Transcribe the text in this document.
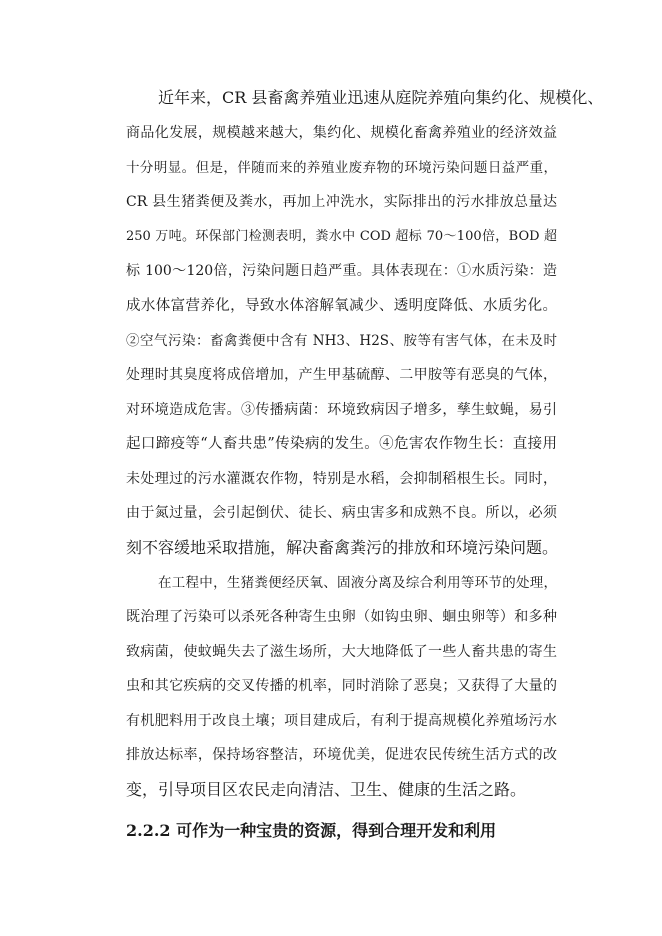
近年来，CR 县畜禽养殖业迅速从庭院养殖向集约化、规模化、
商品化发展，规模越来越大，集约化、规模化畜禽养殖业的经济效益
十分明显。但是，伴随而来的养殖业废弃物的环境污染问题日益严重，
CR 县生猪粪便及粪水，再加上冲洗水，实际排出的污水排放总量达
250 万吨。环保部门检测表明，粪水中 COD 超标 70～100倍，BOD 超
标 100～120倍，污染问题日趋严重。具体表现在：①水质污染：造
成水体富营养化，导致水体溶解氧减少、透明度降低、水质劣化。
②空气污染：畜禽粪便中含有 NH3、H2S、胺等有害气体，在未及时
处理时其臭度将成倍增加，产生甲基硫醇、二甲胺等有恶臭的气体，
对环境造成危害。③传播病菌：环境致病因子增多，孳生蚊蝇，易引
起口蹄疫等“人畜共患”传染病的发生。④危害农作物生长：直接用
未处理过的污水灌溉农作物，特别是水稻，会抑制稻根生长。同时，
由于氮过量，会引起倒伏、徒长、病虫害多和成熟不良。所以，必须
刻不容缓地采取措施，解决畜禽粪污的排放和环境污染问题。
在工程中，生猪粪便经厌氧、固液分离及综合利用等环节的处理，
既治理了污染可以杀死各种寄生虫卵（如钩虫卵、蛔虫卵等）和多种
致病菌，使蚊蝇失去了滋生场所，大大地降低了一些人畜共患的寄生
虫和其它疾病的交叉传播的机率，同时消除了恶臭；又获得了大量的
有机肥料用于改良土壤；项目建成后，有利于提高规模化养殖场污水
排放达标率，保持场容整洁，环境优美，促进农民传统生活方式的改
变，引导项目区农民走向清洁、卫生、健康的生活之路。
2.2.2 可作为一种宝贵的资源，得到合理开发和利用
